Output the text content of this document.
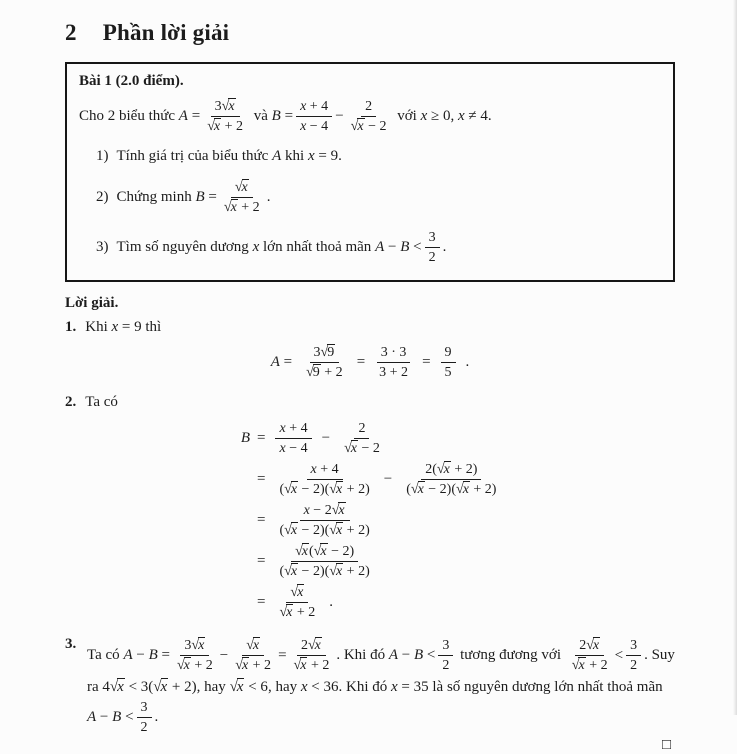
2 Phần lời giải
Bài 1 (2.0 điểm).
Cho 2 biểu thức $A = \frac{3√x}{√x + 2}$ và $B = \frac{x + 4}{x - 4} - \frac{2}{√x - 2}$ với x ≥ 0, x ≠ 4.
1) Tính giá trị của biểu thức A khi x = 9.
2) Chứng minh $B = \frac{√x}{√x + 2}$ .
3) Tìm số nguyên dương x lớn nhất thoả mãn $A - B < \frac{3}{2}$ .
Lời giải.
1. Khi x = 9 thì
$A = \frac{3√9}{√9 + 2} = \frac{3 \cdot 3}{3 + 2} = \frac{9}{5}$ .
2. Ta có
$B = \frac{x + 4}{x - 4} - \frac{2}{√x - 2}$
= $\frac{x + 4}{(√x - 2)(√x + 2)} - \frac{2(√x + 2)}{(√x - 2)(√x + 2)}$
= $\frac{x - 2√x}{(√x - 2)(√x + 2)}$
= $\frac{√x(√x - 2)}{(√x - 2)(√x + 2)}$
= $\frac{√x}{√x + 2}$ .
3.
Ta có $A - B = \frac{3√x}{√x + 2} - \frac{√x}{√x + 2} = \frac{2√x}{√x + 2}$ . Khi đó $A - B < \frac{3}{2}$ tương đương với $\frac{2√x}{√x + 2} < \frac{3}{2}$ . Suy ra 4√x < 3(√x + 2), hay √x < 6, hay x < 36. Khi đó x = 35 là số nguyên dương lớn nhất thoả mãn $A - B < \frac{3}{2}$ .
□
